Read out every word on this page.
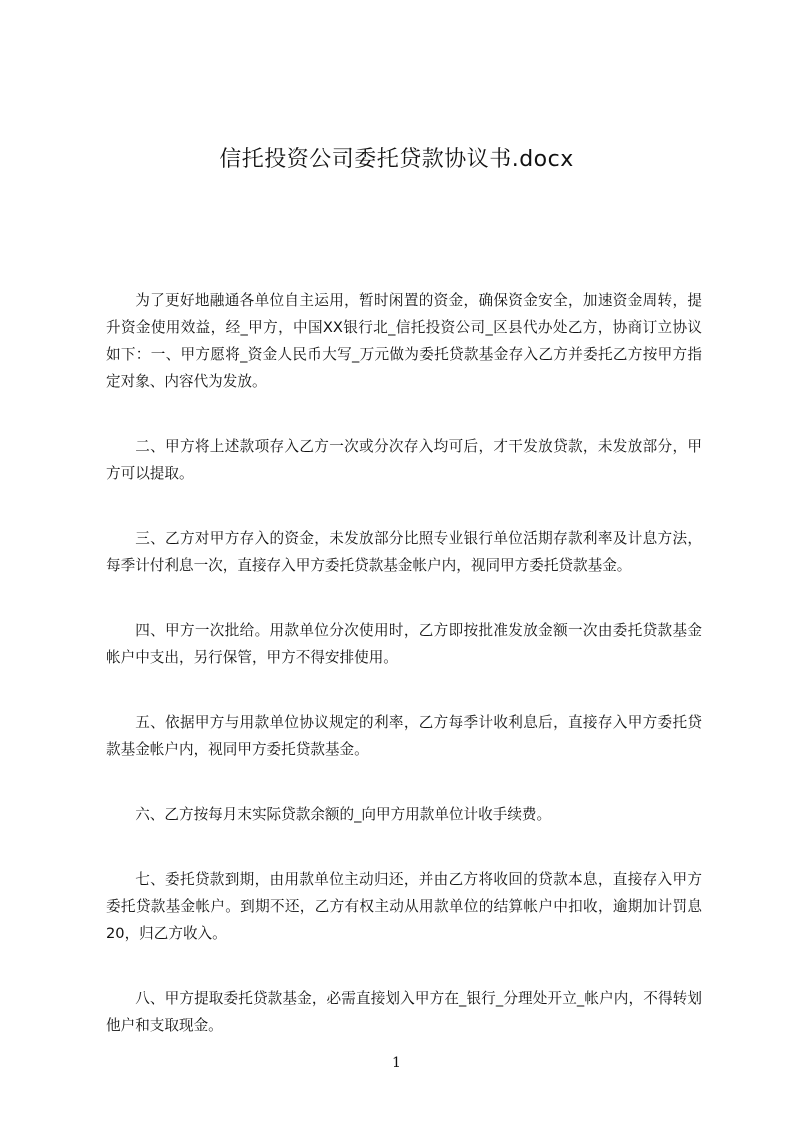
信托投资公司委托贷款协议书.docx

为了更好地融通各单位自主运用，暂时闲置的资金，确保资金安全，加速资金周转，提升资金使用效益，经_甲方，中国XX银行北_信托投资公司_区县代办处乙方，协商订立协议如下：一、甲方愿将_资金人民币大写_万元做为委托贷款基金存入乙方并委托乙方按甲方指定对象、内容代为发放。

二、甲方将上述款项存入乙方一次或分次存入均可后，才干发放贷款，未发放部分，甲方可以提取。

三、乙方对甲方存入的资金，未发放部分比照专业银行单位活期存款利率及计息方法，每季计付利息一次，直接存入甲方委托贷款基金帐户内，视同甲方委托贷款基金。

四、甲方一次批给。用款单位分次使用时，乙方即按批准发放金额一次由委托贷款基金帐户中支出，另行保管，甲方不得安排使用。

五、依据甲方与用款单位协议规定的利率，乙方每季计收利息后，直接存入甲方委托贷款基金帐户内，视同甲方委托贷款基金。

六、乙方按每月末实际贷款余额的_向甲方用款单位计收手续费。

七、委托贷款到期，由用款单位主动归还，并由乙方将收回的贷款本息，直接存入甲方委托贷款基金帐户。到期不还，乙方有权主动从用款单位的结算帐户中扣收，逾期加计罚息20，归乙方收入。

八、甲方提取委托贷款基金，必需直接划入甲方在_银行_分理处开立_帐户内，不得转划他户和支取现金。

1
